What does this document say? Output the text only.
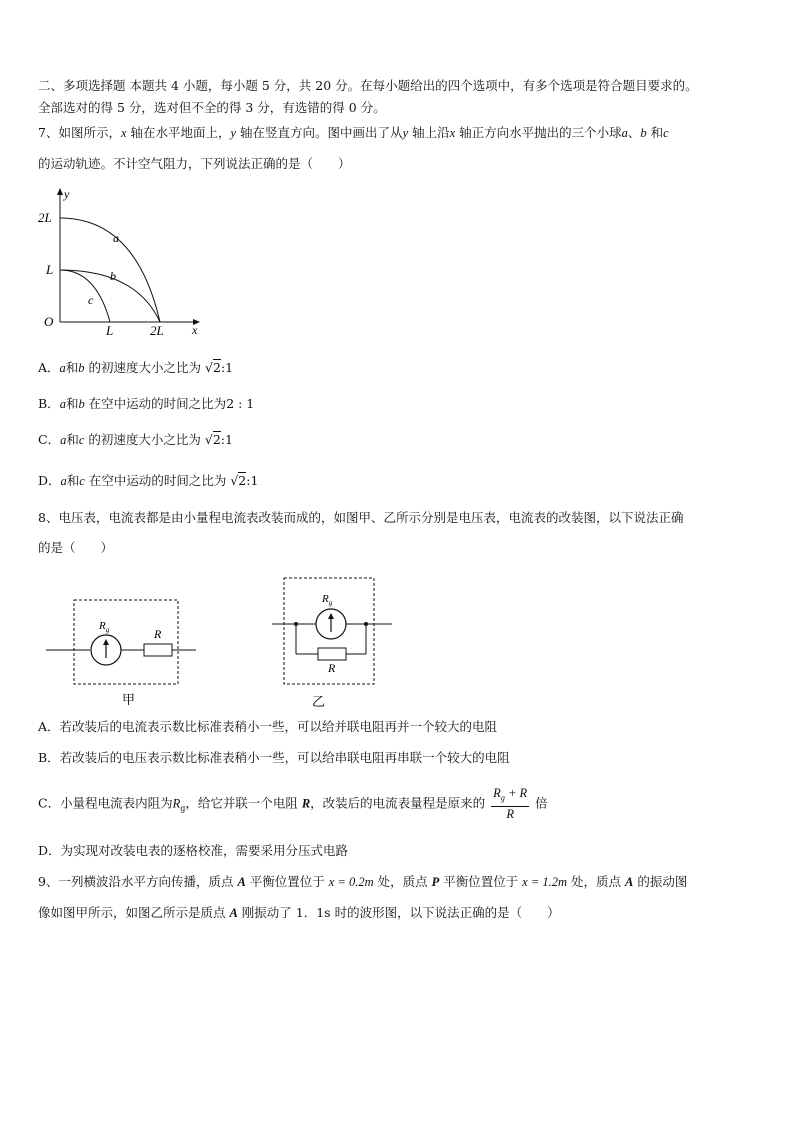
二、多项选择题 本题共 4 小题，每小题 5 分，共 20 分。在每小题给出的四个选项中，有多个选项是符合题目要求的。
全部选对的得 5 分，选对但不全的得 3 分，有选错的得 0 分。
7、如图所示，x 轴在水平地面上，y 轴在竖直方向。图中画出了从y 轴上沿x 轴正方向水平抛出的三个小球a、b 和c
的运动轨迹。不计空气阻力，下列说法正确的是（　　）
y
x
O
2L
L
L	2L
a
b
c
A．a和b 的初速度大小之比为 √2:1
B．a和b 在空中运动的时间之比为2 : 1
C．a和c 的初速度大小之比为 √2:1
D．a和c 在空中运动的时间之比为 √2:1
8、电压表，电流表都是由小量程电流表改装而成的，如图甲、乙所示分别是电压表，电流表的改装图，以下说法正确
的是（　　）
$R_g$	R
甲
$R_g$
R
乙
A．若改装后的电流表示数比标准表稍小一些，可以给并联电阻再并一个较大的电阻
B．若改装后的电压表示数比标准表稍小一些，可以给串联电阻再串联一个较大的电阻
C．小量程电流表内阻为$R_g$，给它并联一个电阻 R，改装后的电流表量程是原来的 $\frac{R_g + R}{R}$ 倍
D．为实现对改装电表的逐格校准，需要采用分压式电路
9、一列横波沿水平方向传播，质点 A 平衡位置位于 x = 0.2m 处，质点 P 平衡位置位于 x = 1.2m 处，质点 A 的振动图
像如图甲所示，如图乙所示是质点 A 刚振动了 1．1s 时的波形图，以下说法正确的是（　　）
